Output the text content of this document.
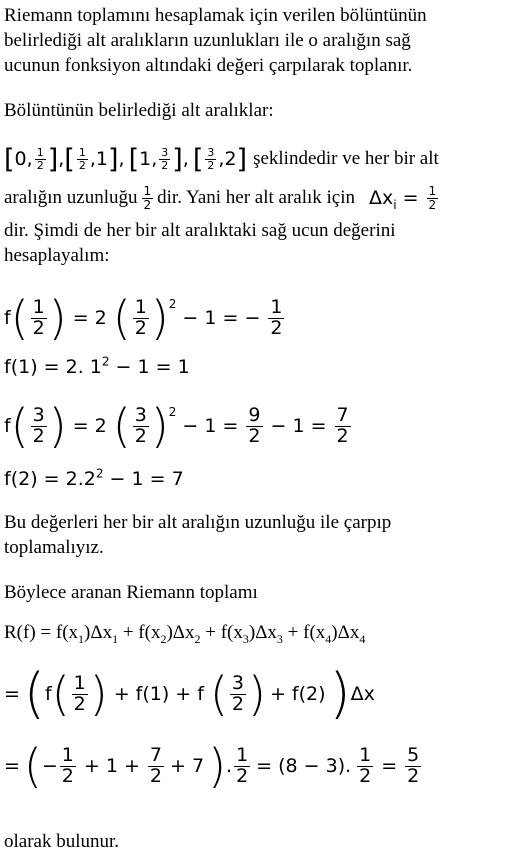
Riemann toplamını hesaplamak için verilen bölüntünün

belirlediği alt aralıkların uzunlukları ile o aralığın sağ

ucunun fonksiyon altındaki değeri çarpılarak toplanır.

Bölüntünün belirlediği alt aralıklar:

[ 0 , $\frac{1}{2}$ ] , [ $\frac{1}{2}$ , 1 ] , [ 1 , $\frac{3}{2}$ ] , [ $\frac{3}{2}$ , 2 ] şeklindedir ve her bir alt
aralığın uzunluğu $\frac{1}{2}$ dir. Yani her alt aralık için $\Delta x_i = \frac{1}{2}$

dir. Şimdi de her bir alt aralıktaki sağ ucun değerini

hesaplayalım:

f ( $\frac{1}{2}$ ) = 2 ( $\frac{1}{2} )^2$
− 1 = − $\frac{1}{2}$
f(1) = 2. $1^2 - 1 = 1$
f ( $\frac{3}{2}$ ) = 2 ( $\frac{3}{2} )^2$
− $1 = \frac{9}{2} - 1 = \frac{7}{2}$
$f(2) = 2.2^2 - 1 = 7$

Bu değerleri her bir alt aralığın uzunluğu ile çarpıp

toplamalıyız.

Böylece aranan Riemann toplamı

$R(f) = f(x_1)\Delta x_1 + f(x_2)\Delta x_2 + f(x_3)\Delta x_3 + f(x_4)\Delta x_4$
= ( f ( $\frac{1}{2}$ ) + f(1) + f ( $\frac{3}{2}$ ) + f(2) ) Δx
= ( − $\frac{1}{2} + 1 + \frac{7}{2} + 7$ ) . $\frac{1}{2} = (8 - 3)$. $\frac{1}{2} = \frac{5}{2}$

olarak bulunur.
